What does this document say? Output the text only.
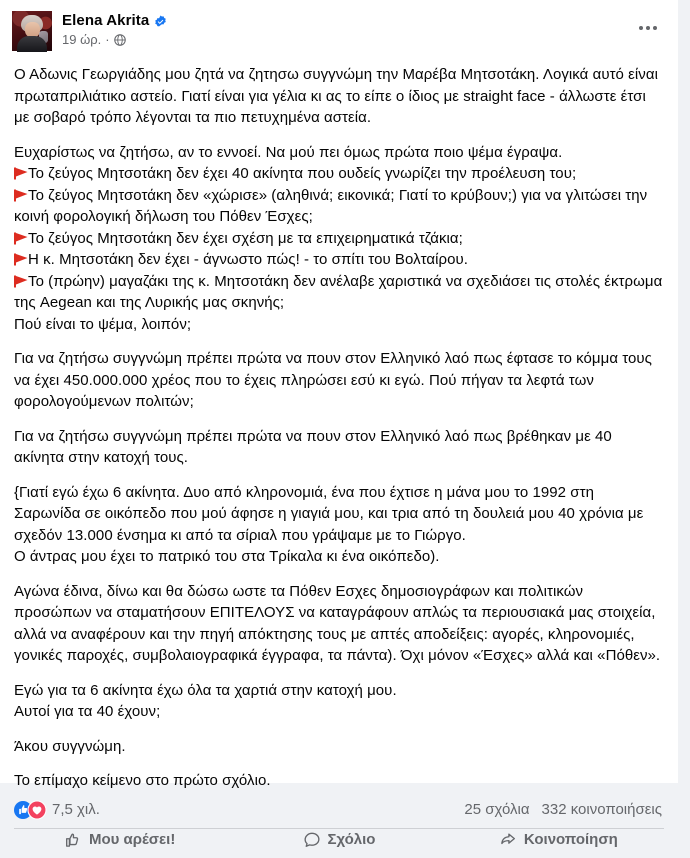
Elena Akrita
19 ώρ. ·

Ο Αδωνις Γεωργιάδης μου ζητά να ζητησω συγγνώμη την Μαρέβα Μητσοτάκη. Λογικά αυτό είναι πρωταπριλιάτικο αστείο. Γιατί είναι για γέλια κι ας το είπε ο ίδιος με straight face - άλλωστε έτσι με σοβαρό τρόπο λέγονται τα πιο πετυχημένα αστεία.

Ευχαρίστως να ζητήσω, αν το εννοεί. Να μού πει όμως πρώτα ποιο ψέμα έγραψα.

Το ζεύγος Μητσοτάκη δεν έχει 40 ακίνητα που ουδείς γνωρίζει την προέλευση του;
Το ζεύγος Μητσοτάκη δεν «χώρισε» (αληθινά; εικονικά; Γιατί το κρύβουν;) για να γλιτώσει την κοινή φορολογική δήλωση του Πόθεν Έσχες;
Το ζεύγος Μητσοτάκη δεν έχει σχέση με τα επιχειρηματικά τζάκια;
Η κ. Μητσοτάκη δεν έχει - άγνωστο πώς! - το σπίτι του Βολταίρου.
Το (πρώην) μαγαζάκι της κ. Μητσοτάκη δεν ανέλαβε χαριστικά να σχεδιάσει τις στολές έκτρωμα της Aegean και της Λυρικής μας σκηνής;
Πού είναι το ψέμα, λοιπόν;

Για να ζητήσω συγγνώμη πρέπει πρώτα να πουν στον Ελληνικό λαό πως έφτασε το κόμμα τους να έχει 450.000.000 χρέος που το έχεις πληρώσει εσύ κι εγώ. Πού πήγαν τα λεφτά των φορολογούμενων πολιτών;

Για να ζητήσω συγγνώμη πρέπει πρώτα να πουν στον Ελληνικό λαό πως βρέθηκαν με 40 ακίνητα στην κατοχή τους.

{Γιατί εγώ έχω 6 ακίνητα. Δυο από κληρονομιά, ένα που έχτισε η μάνα μου το 1992 στη Σαρωνίδα σε οικόπεδο που μού άφησε η γιαγιά μου, και τρια από τη δουλειά μου 40 χρόνια με σχεδόν 13.000 ένσημα κι από τα σίριαλ που γράψαμε με το Γιώργο.
Ο άντρας μου έχει το πατρικό του στα Τρίκαλα κι ένα οικόπεδο).

Αγώνα έδινα, δίνω και θα δώσω ωστε τα Πόθεν Εσχες δημοσιογράφων και πολιτικών προσώπων να σταματήσουν ΕΠΙΤΕΛΟΥΣ να καταγράφουν απλώς τα περιουσιακά μας στοιχεία, αλλά να αναφέρουν και την πηγή απόκτησης τους με απτές αποδείξεις: αγορές, κληρονομιές, γονικές παροχές, συμβολαιογραφικά έγγραφα, τα πάντα). Όχι μόνον «Έσχες» αλλά και «Πόθεν».

Εγώ για τα 6 ακίνητα έχω όλα τα χαρτιά στην κατοχή μου.
Αυτοί για τα 40 έχουν;

Άκου συγγνώμη.

Το επίμαχο κείμενο στο πρώτο σχόλιο.

7,5 χιλ.	25 σχόλια 332 κοινοποιήσεις
Μου αρέσει!	Σχόλιο	Κοινοποίηση
